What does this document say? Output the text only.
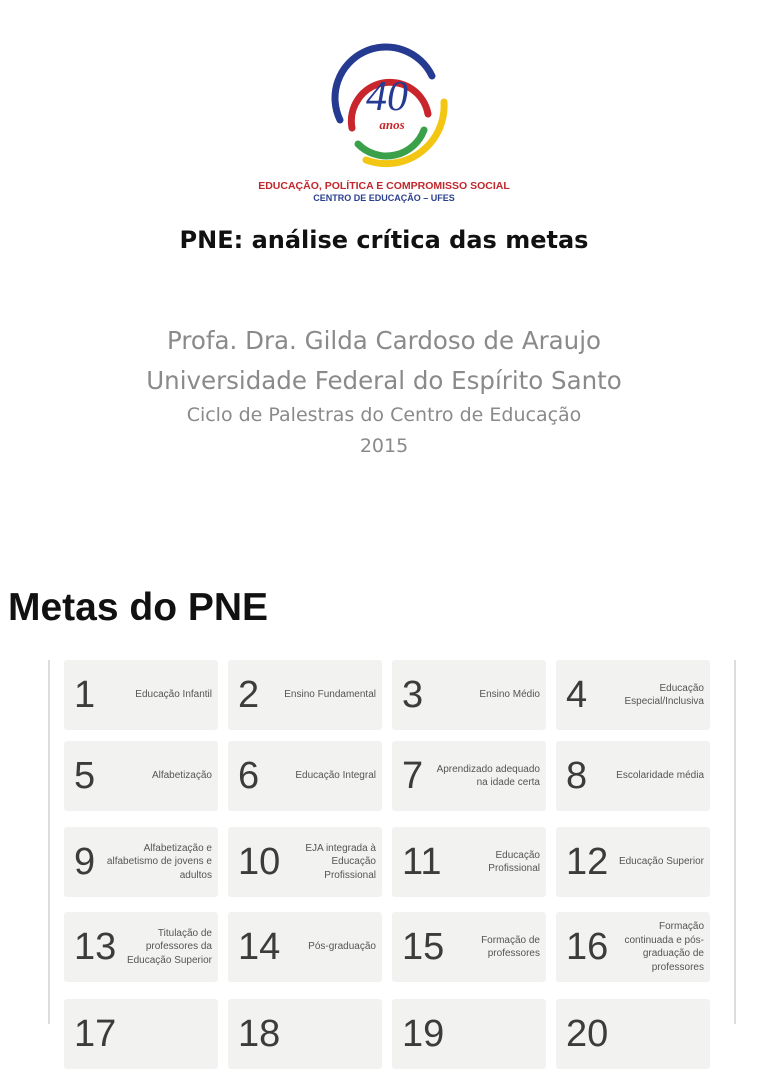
40
anos
EDUCAÇÃO, POLÍTICA E COMPROMISSO SOCIAL
CENTRO DE EDUCAÇÃO – UFES
PNE: análise crítica das metas
Profa. Dra. Gilda Cardoso de Araujo
Universidade Federal do Espírito Santo
Ciclo de Palestras do Centro de Educação
2015
Metas do PNE
1	Educação Infantil 2	Ensino Fundamental 3	Ensino Médio 4	Educação Especial/Inclusiva
5	Alfabetização 6	Educação Integral 7	Aprendizado adequado na idade certa 8	Escolaridade média
9	Alfabetização e alfabetismo de jovens e adultos 10	EJA integrada à Educação Profissional 11	Educação Profissional 12	Educação Superior
13	Titulação de professores da Educação Superior 14	Pós-graduação 15	Formação de professores 16	Formação continuada e pós-graduação de professores
17	18	19	20
